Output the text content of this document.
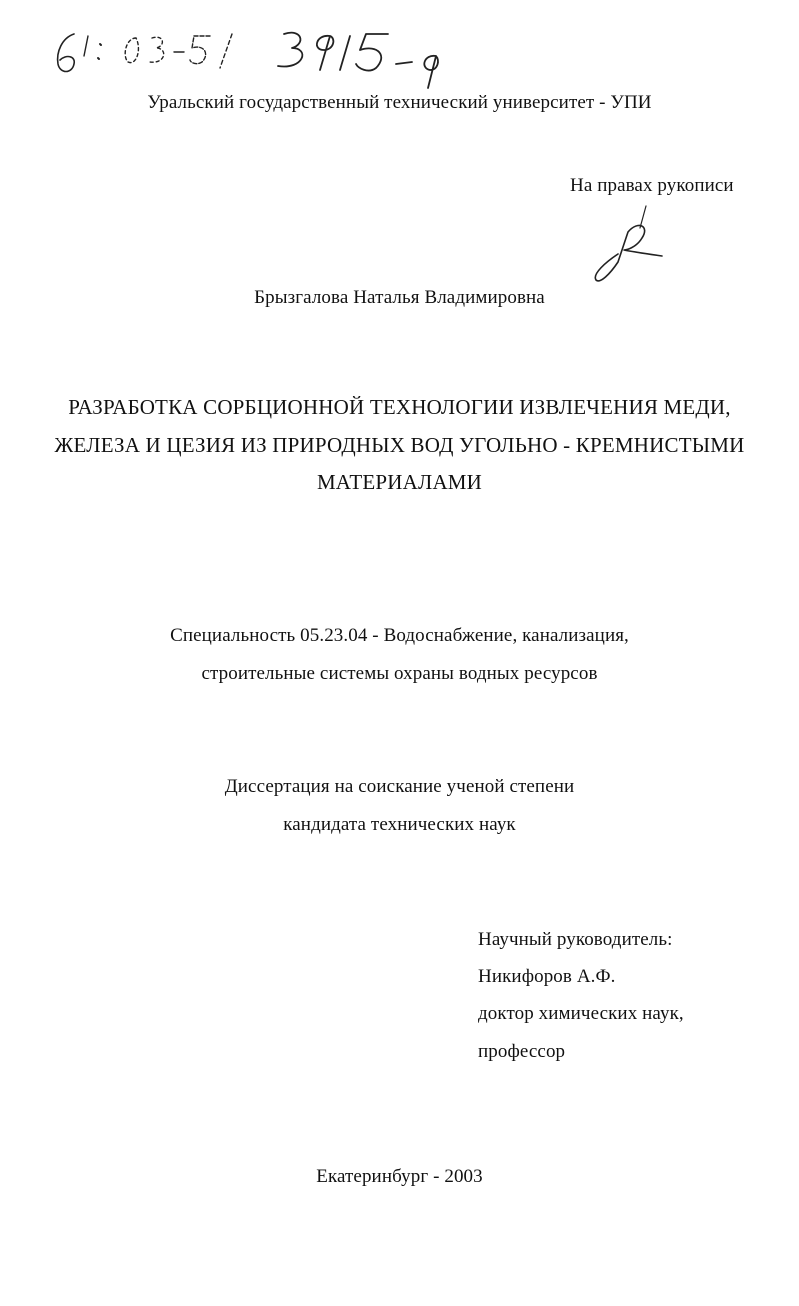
Уральский государственный технический университет - УПИ
На правах рукописи
Брызгалова Наталья Владимировна
РАЗРАБОТКА СОРБЦИОННОЙ ТЕХНОЛОГИИ ИЗВЛЕЧЕНИЯ МЕДИ,
ЖЕЛЕЗА И ЦЕЗИЯ ИЗ ПРИРОДНЫХ ВОД УГОЛЬНО - КРЕМНИСТЫМИ
МАТЕРИАЛАМИ
Специальность 05.23.04 - Водоснабжение, канализация,
строительные системы охраны водных ресурсов
Диссертация на соискание ученой степени
кандидата технических наук
Научный руководитель:
Никифоров А.Ф.
доктор химических наук,
профессор
Екатеринбург - 2003
